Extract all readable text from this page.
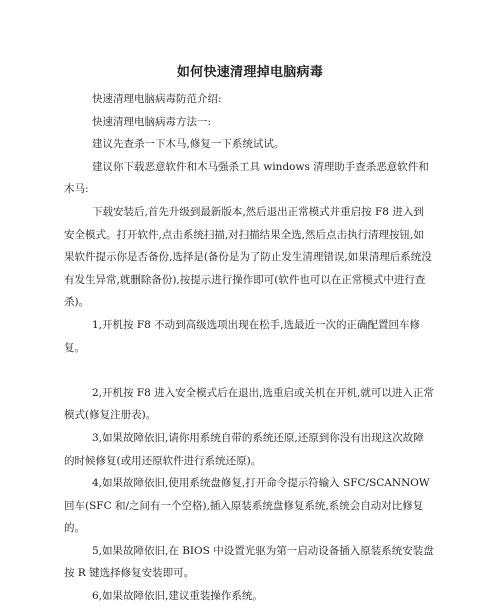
如何快速清理掉电脑病毒

快速清理电脑病毒防范介绍:

快速清理电脑病毒方法一:

建议先查杀一下木马,修复一下系统试试。

建议你下载恶意软件和木马强杀工具 windows 清理助手查杀恶意软件和木马:

下载安装后,首先升级到最新版本,然后退出正常模式并重启按 F8 进入到安全模式。打开软件,点击系统扫描,对扫描结果全选,然后点击执行清理按钮,如果软件提示你是否备份,选择是(备份是为了防止发生清理错误,如果清理后系统没有发生异常,就删除备份),按提示进行操作即可(软件也可以在正常模式中进行查杀)。

1,开机按 F8 不动到高级选项出现在松手,选最近一次的正确配置回车修复。

2,开机按 F8 进入安全模式后在退出,选重启或关机在开机,就可以进入正常模式(修复注册表)。

3,如果故障依旧,请你用系统自带的系统还原,还原到你没有出现这次故障的时候修复(或用还原软件进行系统还原)。

4,如果故障依旧,使用系统盘修复,打开命令提示符输入 SFC/SCANNOW 回车(SFC 和/之间有一个空格),插入原装系统盘修复系统,系统会自动对比修复的。

5,如果故障依旧,在 BIOS 中设置光驱为第一启动设备插入原装系统安装盘按 R 键选择修复安装即可。

6,如果故障依旧,建议重装操作系统。
